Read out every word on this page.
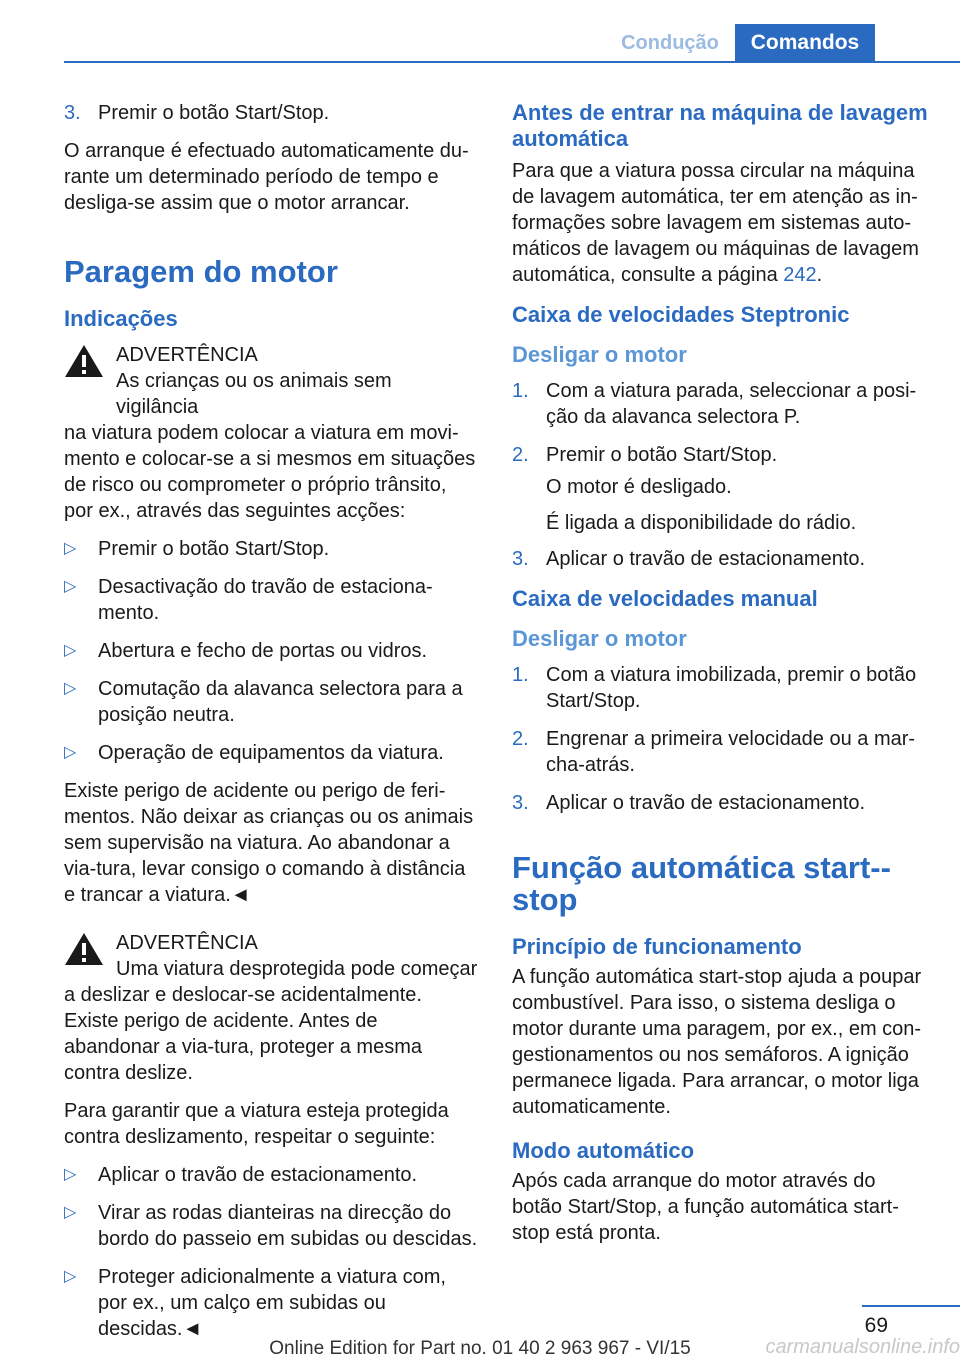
Condução	Comandos
3. Premir o botão Start/Stop.

O arranque é efectuado automaticamente du-rante um determinado período de tempo e desliga-se assim que o motor arrancar.

Paragem do motor
Indicações
ADVERTÊNCIA
As crianças ou os animais sem vigilância
na viatura podem colocar a viatura em movi-mento e colocar-se a si mesmos em situações de risco ou comprometer o próprio trânsito, por ex., através das seguintes acções:
▷	Premir o botão Start/Stop.
▷	Desactivação do travão de estaciona-mento.
▷	Abertura e fecho de portas ou vidros.
▷	Comutação da alavanca selectora para a posição neutra.
▷	Operação de equipamentos da viatura.

Existe perigo de acidente ou perigo de feri-mentos. Não deixar as crianças ou os animais sem supervisão na viatura. Ao abandonar a via-tura, levar consigo o comando à distância e trancar a viatura.◄

ADVERTÊNCIA
Uma viatura desprotegida pode começar
a deslizar e deslocar-se acidentalmente. Existe perigo de acidente. Antes de abandonar a via-tura, proteger a mesma contra deslize.

Para garantir que a viatura esteja protegida contra deslizamento, respeitar o seguinte:

▷	Aplicar o travão de estacionamento.
▷	Virar as rodas dianteiras na direcção do bordo do passeio em subidas ou descidas.
▷	Proteger adicionalmente a viatura com, por ex., um calço em subidas ou descidas.◄
Antes de entrar na máquina de lavagem automática

Para que a viatura possa circular na máquina de lavagem automática, ter em atenção as in-formações sobre lavagem em sistemas auto-máticos de lavagem ou máquinas de lavagem automática, consulte a página 242.

Caixa de velocidades Steptronic
Desligar o motor
1. Com a viatura parada, seleccionar a posi-ção da alavanca selectora P.
2. Premir o botão Start/Stop.
O motor é desligado.
É ligada a disponibilidade do rádio.
3. Aplicar o travão de estacionamento.
Caixa de velocidades manual
Desligar o motor
1. Com a viatura imobilizada, premir o botão Start/Stop.
2. Engrenar a primeira velocidade ou a mar-cha-atrás.
3. Aplicar o travão de estacionamento.
Função automática start--stop
Princípio de funcionamento

A função automática start-stop ajuda a poupar combustível. Para isso, o sistema desliga o motor durante uma paragem, por ex., em con-gestionamentos ou nos semáforos. A ignição permanece ligada. Para arrancar, o motor liga automaticamente.

Modo automático

Após cada arranque do motor através do botão Start/Stop, a função automática start-stop está pronta.

69
Online Edition for Part no. 01 40 2 963 967 - VI/15	carmanualsonline.info
